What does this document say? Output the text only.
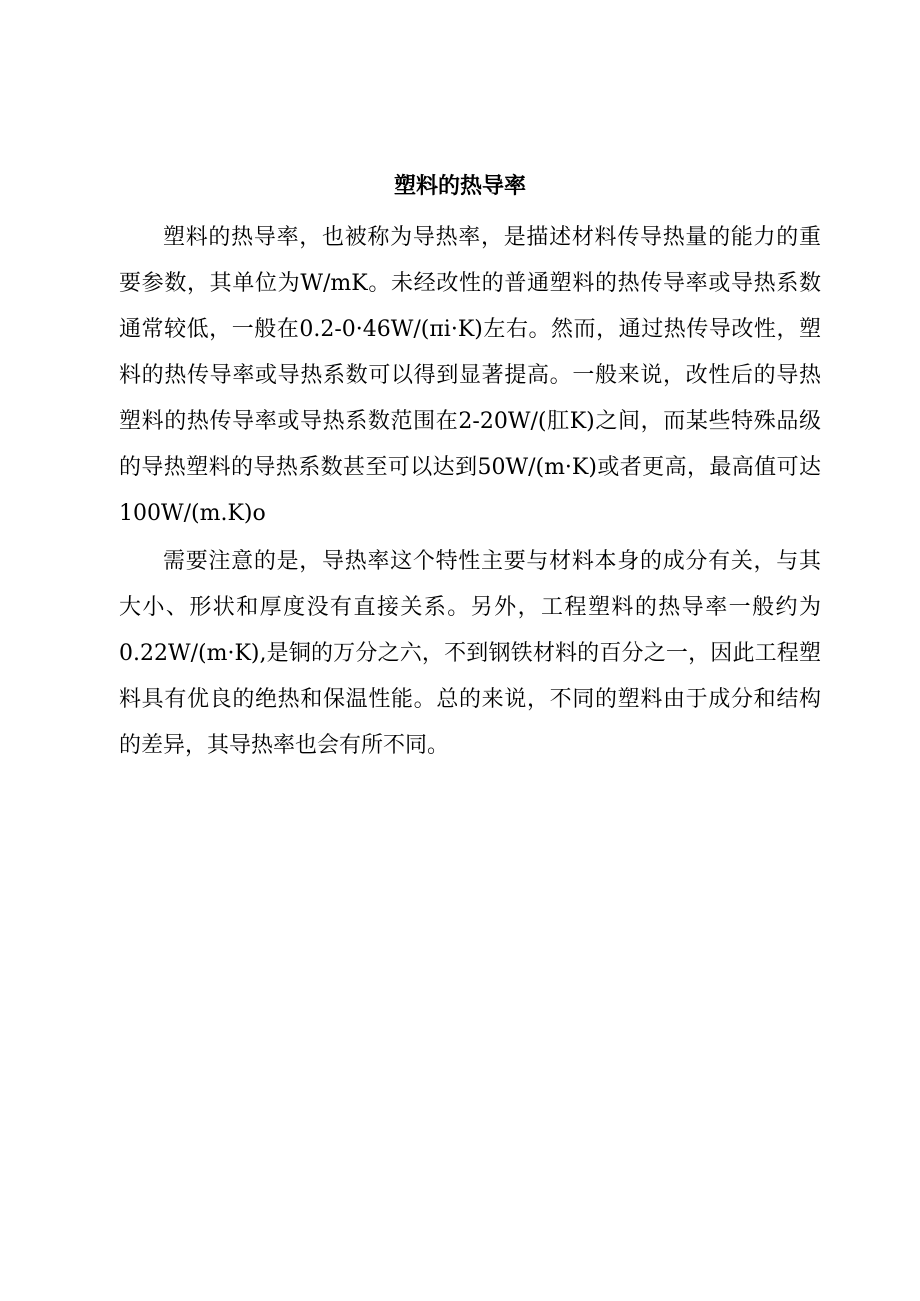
塑料的热导率

塑料的热导率，也被称为导热率，是描述材料传导热量的能力的重要参数，其单位为W/mK。未经改性的普通塑料的热传导率或导热系数通常较低，一般在0.2-0·46W/(πi·K)左右。然而，通过热传导改性，塑料的热传导率或导热系数可以得到显著提高。一般来说，改性后的导热塑料的热传导率或导热系数范围在2-20W/(肛K)之间，而某些特殊品级的导热塑料的导热系数甚至可以达到50W/(m·K)或者更高，最高值可达100W/(m.K)o

需要注意的是，导热率这个特性主要与材料本身的成分有关，与其大小、形状和厚度没有直接关系。另外，工程塑料的热导率一般约为0.22W/(m·K),是铜的万分之六，不到钢铁材料的百分之一，因此工程塑料具有优良的绝热和保温性能。总的来说，不同的塑料由于成分和结构的差异，其导热率也会有所不同。
